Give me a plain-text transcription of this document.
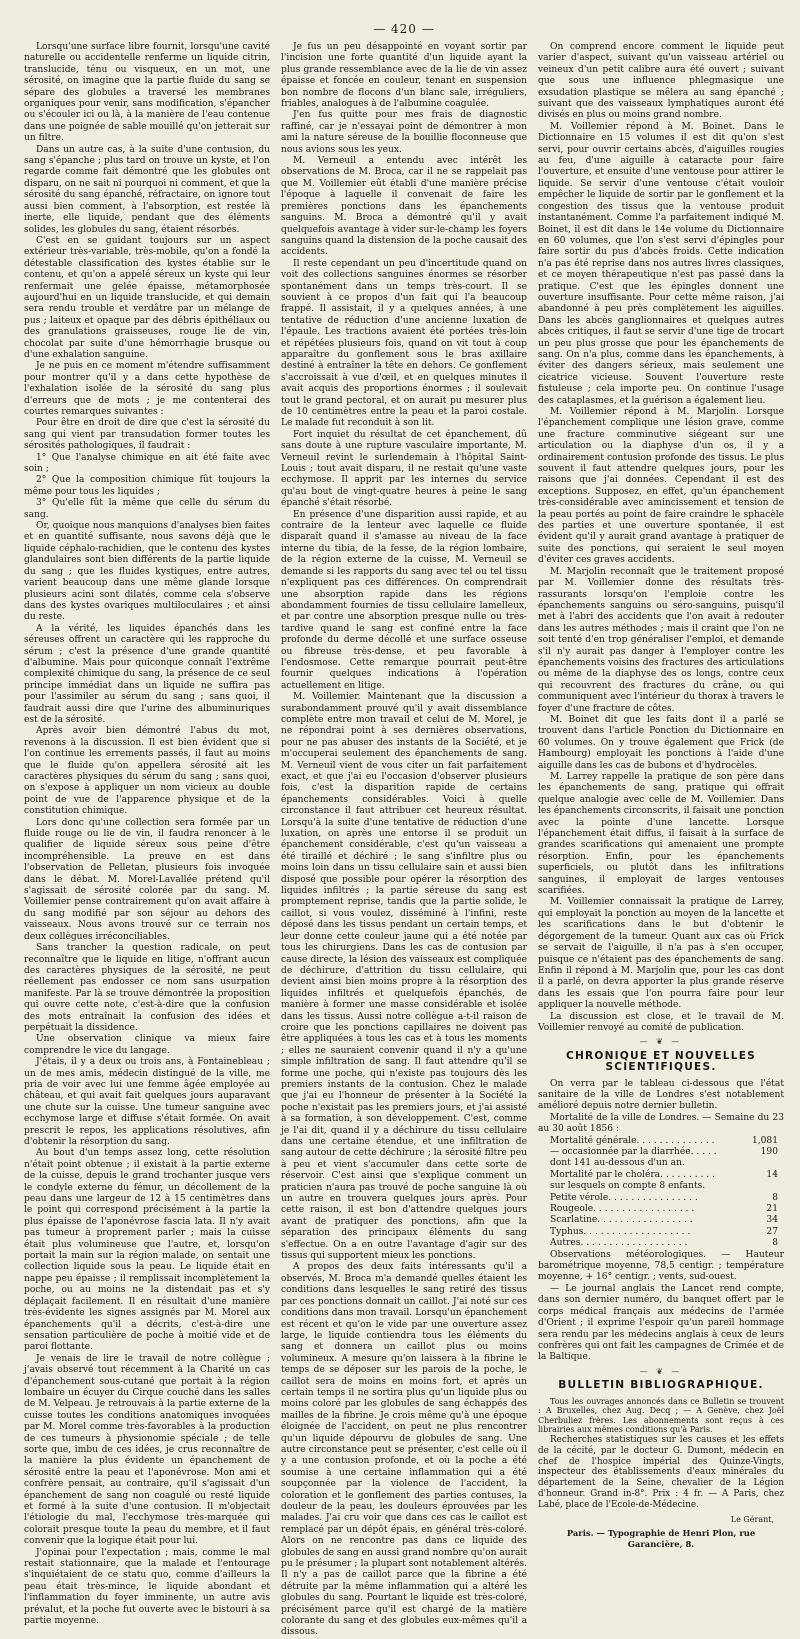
— 420 —

Lorsqu'une surface libre fournit, lorsqu'une cavité naturelle ou accidentelle renferme un liquide citrin, translucide, ténu ou visqueux, en un mot, une sérosité, on imagine que la partie fluide du sang se sépare des globules a traversé les membranes organiques pour venir, sans modification, s'épancher ou s'écouler ici ou là, à la manière de l'eau contenue dans une poignée de sable mouillé qu'on jetterait sur un filtre.

Dans un autre cas, à la suite d'une contusion, du sang s'épanche ; plus tard on trouve un kyste, et l'on regarde comme fait démontré que les globules ont disparu, on ne sait ni pourquoi ni comment, et que la sérosité du sang épanché, réfractaire, on ignore tout aussi bien comment, à l'absorption, est restée là inerte, elle liquide, pendant que des éléments solides, les globules du sang, étaient résorbés.

C'est en se guidant toujours sur un aspect extérieur très-variable, très-mobile, qu'on a fondé la détestable classification des kystes établie sur le contenu, et qu'on a appelé séreux un kyste qui leur renfermait une gelée épaisse, métamorphosée aujourd'hui en un liquide translucide, et qui demain sera rendu trouble et verdâtre par un mélange de pus ; laiteux et opaque par des débris épithéliaux ou des granulations graisseuses, rouge lie de vin, chocolat par suite d'une hémorrhagie brusque ou d'une exhalation sanguine.

Je ne puis en ce moment m'étendre suffisamment pour montrer qu'il y a dans cette hypothèse de l'exhalation isolée de la sérosité du sang plus d'erreurs que de mots ; je me contenterai des courtes remarques suivantes :

Pour être en droit de dire que c'est la sérosité du sang qui vient par transudation former toutes les sérosités pathologiques, il faudrait :

1° Que l'analyse chimique en ait été faite avec soin ;

2° Que la composition chimique fût toujours la même pour tous les liquides ;

3° Qu'elle fût la même que celle du sérum du sang.

Or, quoique nous manquions d'analyses bien faites et en quantité suffisante, nous savons déjà que le liquide céphalo-rachidien, que le contenu des kystes glandulaires sont bien différents de la partie liquide du sang ; que les fluides kystiques, entre autres, varient beaucoup dans une même glande lorsque plusieurs acini sont dilatés, comme cela s'observe dans des kystes ovariques multiloculaires ; et ainsi du reste.

A la vérité, les liquides épanchés dans les séreuses offrent un caractère qui les rapproche du sérum ; c'est la présence d'une grande quantité d'albumine. Mais pour quiconque connaît l'extrême complexité chimique du sang, la présence de ce seul principe immédiat dans un liquide ne suffira pas pour l'assimiler au sérum du sang ; sans quoi, il faudrait aussi dire que l'urine des albuminuriques est de la sérosité.

Après avoir bien démontré l'abus du mot, revenons à la discussion. Il est bien évident que si l'on continue les errements passés, il faut au moins que le fluide qu'on appellera sérosité ait les caractères physiques du sérum du sang ; sans quoi, on s'expose à appliquer un nom vicieux au double point de vue de l'apparence physique et de la constitution chimique.

Lors donc qu'une collection sera formée par un fluide rouge ou lie de vin, il faudra renoncer à le qualifier de liquide séreux sous peine d'être incompréhensible. La preuve en est dans l'observation de Pelletan, plusieurs fois invoquée dans le débat. M. Morel-Lavallée prétend qu'il s'agissait de sérosité colorée par du sang. M. Voillemier pense contrairement qu'on avait affaire à du sang modifié par son séjour au dehors des vaisseaux. Nous avons trouvé sur ce terrain nos deux collègues irréconciliables.

Sans trancher la question radicale, on peut reconnaître que le liquide en litige, n'offrant aucun des caractères physiques de la sérosité, ne peut réellement pas endosser ce nom sans usurpation manifeste. Par là se trouve démontrée la proposition qui ouvre cette note, c'est-à-dire que la confusion des mots entraînait la confusion des idées et perpétuait la dissidence.

Une observation clinique va mieux faire comprendre le vice du langage.

J'étais, il y a deux ou trois ans, à Fontainebleau ; un de mes amis, médecin distingué de la ville, me pria de voir avec lui une femme âgée employée au château, et qui avait fait quelques jours auparavant une chute sur la cuisse. Une tumeur sanguine avec ecchymose large et diffuse s'était formée. On avait prescrit le repos, les applications résolutives, afin d'obtenir la résorption du sang.

Au bout d'un temps assez long, cette résolution n'était point obtenue ; il existait à la partie externe de la cuisse, depuis le grand trochanter jusque vers le condyle externe du fémur, un décollement de la peau dans une largeur de 12 à 15 centimètres dans le point qui correspond précisément à la partie la plus épaisse de l'aponévrose fascia lata. Il n'y avait pas tumeur à proprement parler ; mais la cuisse était plus volumineuse que l'autre, et, lorsqu'on portait la main sur la région malade, on sentait une collection liquide sous la peau. Le liquide était en nappe peu épaisse ; il remplissait incomplètement la poche, ou au moins ne la distendait pas et s'y déplaçait facilement. Il en résultait d'une manière très-évidente les signes assignés par M. Morel aux épanchements qu'il a décrits, c'est-à-dire une sensation particulière de poche à moitié vide et de paroi flottante.

Je venais de lire le travail de notre collègue ; j'avais observé tout récemment à la Charité un cas d'épanchement sous-cutané que portait à la région lombaire un écuyer du Cirque couché dans les salles de M. Velpeau. Je retrouvais à la partie externe de la cuisse toutes les conditions anatomiques invoquées par M. Morel comme très-favorables à la production de ces tumeurs à physionomie spéciale ; de telle sorte que, imbu de ces idées, je crus reconnaître de la manière la plus évidente un épanchement de sérosité entre la peau et l'aponévrose. Mon ami et confrère pensait, au contraire, qu'il s'agissait d'un épanchement de sang non coagulé ou resté liquide et formé à la suite d'une contusion. Il m'objectait l'étiologie du mal, l'ecchymose très-marquée qui colorait presque toute la peau du membre, et il faut convenir que la logique était pour lui.

J'opinai pour l'expectation ; mais, comme le mal restait stationnaire, que la malade et l'entourage s'inquiétaient de ce statu quo, comme d'ailleurs la peau était très-mince, le liquide abondant et l'inflammation du foyer imminente, un autre avis prévalut, et la poche fut ouverte avec le bistouri à sa partie moyenne.

Je fus un peu désappointé en voyant sortir par l'incision une forte quantité d'un liquide ayant la plus grande ressemblance avec de la lie de vin assez épaisse et foncée en couleur, tenant en suspension bon nombre de flocons d'un blanc sale, irréguliers, friables, analogues à de l'albumine coagulée.

J'en fus quitte pour mes frais de diagnostic raffiné, car je n'essayai point de démontrer à mon ami la nature séreuse de la bouillie floconneuse que nous avions sous les yeux.

M. Verneuil a entendu avec intérêt les observations de M. Broca, car il ne se rappelait pas que M. Voillemier eût établi d'une manière précise l'époque à laquelle il convenait de faire les premières ponctions dans les épanchements sanguins. M. Broca a démontré qu'il y avait quelquefois avantage à vider sur-le-champ les foyers sanguins quand la distension de la poche causait des accidents.

Il reste cependant un peu d'incertitude quand on voit des collections sanguines énormes se résorber spontanément dans un temps très-court. Il se souvient à ce propos d'un fait qui l'a beaucoup frappé. Il assistait, il y a quelques années, à une tentative de réduction d'une ancienne luxation de l'épaule. Les tractions avaient été portées très-loin et répétées plusieurs fois, quand on vit tout à coup apparaître du gonflement sous le bras axillaire destiné à entraîner la tête en dehors. Ce gonflement s'accroissait à vue d'œil, et en quelques minutes il avait acquis des proportions énormes ; il soulevait tout le grand pectoral, et on aurait pu mesurer plus de 10 centimètres entre la peau et la paroi costale. Le malade fut reconduit à son lit.

Fort inquiet du résultat de cet épanchement, dû sans doute à une rupture vasculaire importante, M. Verneuil revint le surlendemain à l'hôpital Saint-Louis ; tout avait disparu, il ne restait qu'une vaste ecchymose. Il apprit par les internes du service qu'au bout de vingt-quatre heures à peine le sang épanché s'était résorbé.

En présence d'une disparition aussi rapide, et au contraire de la lenteur avec laquelle ce fluide disparaît quand il s'amasse au niveau de la face interne du tibia, de la fesse, de la région lombaire, de la région externe de la cuisse, M. Verneuil se demande si les rapports du sang avec tel ou tel tissu n'expliquent pas ces différences. On comprendrait une absorption rapide dans les régions abondamment fournies de tissu cellulaire lamelleux, et par contre une absorption presque nulle ou très-tardive quand le sang est confiné entre la face profonde du derme décollé et une surface osseuse ou fibreuse très-dense, et peu favorable à l'endosmose. Cette remarque pourrait peut-être fournir quelques indications à l'opération actuellement en litige.

M. Voillemier. Maintenant que la discussion a surabondamment prouvé qu'il y avait dissemblance complète entre mon travail et celui de M. Morel, je ne répondrai point à ses dernières observations, pour ne pas abuser des instants de la Société, et je m'occuperai seulement des épanchements de sang. M. Verneuil vient de vous citer un fait parfaitement exact, et que j'ai eu l'occasion d'observer plusieurs fois, c'est la disparition rapide de certains épanchements considérables. Voici à quelle circonstance il faut attribuer cet heureux résultat. Lorsqu'à la suite d'une tentative de réduction d'une luxation, on après une entorse il se produit un épanchement considérable, c'est qu'un vaisseau a été tiraillé et déchiré ; le sang s'infiltre plus ou moins loin dans un tissu cellulaire sain et aussi bien disposé que possible pour opérer la résorption des liquides infiltrés ; la partie séreuse du sang est promptement reprise, tandis que la partie solide, le caillot, si vous voulez, disséminé à l'infini, reste déposé dans les tissus pendant un certain temps, et leur donne cette couleur jaune qui a été notée par tous les chirurgiens. Dans les cas de contusion par cause directe, la lésion des vaisseaux est compliquée de déchirure, d'attrition du tissu cellulaire, qui devient ainsi bien moins propre à la résorption des liquides infiltrés et quelquefois épanchés, de manière à former une masse considérable et isolée dans les tissus. Aussi notre collègue a-t-il raison de croire que les ponctions capillaires ne doivent pas être appliquées à tous les cas et à tous les moments ; elles ne sauraient convenir quand il n'y a qu'une simple infiltration de sang. Il faut attendre qu'il se forme une poche, qui n'existe pas toujours dès les premiers instants de la contusion. Chez le malade que j'ai eu l'honneur de présenter à la Société la poche n'existait pas les premiers jours, et j'ai assisté à sa formation, à son développement. C'est, comme je l'ai dit, quand il y a déchirure du tissu cellulaire dans une certaine étendue, et une infiltration de sang autour de cette déchirure ; la sérosité filtre peu à peu et vient s'accumuler dans cette sorte de réservoir. C'est ainsi que s'explique comment un praticien n'aura pas trouvé de poche sanguine là où un autre en trouvera quelques jours après. Pour cette raison, il est bon d'attendre quelques jours avant de pratiquer des ponctions, afin que la séparation des principaux éléments du sang s'effectue. On a en outre l'avantage d'agir sur des tissus qui supportent mieux les ponctions.

A propos des deux faits intéressants qu'il a observés, M. Broca m'a demandé quelles étaient les conditions dans lesquelles le sang retiré des tissus par ces ponctions donnait un caillot. J'ai noté sur ces conditions dans mon travail. Lorsqu'un épanchement est récent et qu'on le vide par une ouverture assez large, le liquide contiendra tous les éléments du sang et donnera un caillot plus ou moins volumineux. A mesure qu'on laissera à la fibrine le temps de se déposer sur les parois de la poche, le caillot sera de moins en moins fort, et après un certain temps il ne sortira plus qu'un liquide plus ou moins coloré par les globules de sang échappés des mailles de la fibrine. Je crois même qu'à une époque éloignée de l'accident, on peut ne plus rencontrer qu'un liquide dépourvu de globules de sang. Une autre circonstance peut se présenter, c'est celle où il y a une contusion profonde, et où la poche a été soumise à une certaine inflammation qui a été soupçonnée par la violence de l'accident, la coloration et le gonflement des parties contuses, la douleur de la peau, les douleurs éprouvées par les malades. J'ai cru voir que dans ces cas le caillot est remplacé par un dépôt épais, en général très-coloré. Alors on ne rencontre pas dans ce liquide des globules de sang en aussi grand nombre qu'on aurait pu le présumer ; la plupart sont notablement altérés. Il n'y a pas de caillot parce que la fibrine a été détruite par la même inflammation qui a altéré les globules du sang. Pourtant le liquide est très-coloré, précisément parce qu'il est chargé de la matière colorante du sang et des globules eux-mêmes qu'il a dissous.

On comprend encore comment le liquide peut varier d'aspect, suivant qu'un vaisseau artériel ou veineux d'un petit calibre aura été ouvert ; suivant que sous une influence phlegmasique une exsudation plastique se mêlera au sang épanché ; suivant que des vaisseaux lymphatiques auront été divisés en plus ou moins grand nombre.

M. Voillemier répond à M. Boinet. Dans le Dictionnaire en 15 volumes il est dit qu'on s'est servi, pour ouvrir certains abcès, d'aiguilles rougies au feu, d'une aiguille à cataracte pour faire l'ouverture, et ensuite d'une ventouse pour attirer le liquide. Se servir d'une ventouse c'était vouloir empêcher le liquide de sortir par le gonflement et la congestion des tissus que la ventouse produit instantanément. Comme l'a parfaitement indiqué M. Boinet, il est dit dans le 14e volume du Dictionnaire en 60 volumes, que l'on s'est servi d'épingles pour faire sortir du pus d'abcès froids. Cette indication n'a pas été reprise dans nos autres livres classiques, et ce moyen thérapeutique n'est pas passé dans la pratique. C'est que les épingles donnent une ouverture insuffisante. Pour cette même raison, j'ai abandonné à peu près complètement les aiguilles. Dans les abcès ganglionnaires et quelques autres abcès critiques, il faut se servir d'une tige de trocart un peu plus grosse que pour les épanchements de sang. On n'a plus, comme dans les épanchements, à éviter des dangers sérieux, mais seulement une cicatrice vicieuse. Souvent l'ouverture reste fistuleuse ; cela importe peu. On continue l'usage des cataplasmes, et la guérison a également lieu.

M. Voillemier répond à M. Marjolin. Lorsque l'épanchement complique une lésion grave, comme une fracture comminutive siégeant sur une articulation ou la diaphyse d'un os, il y a ordinairement contusion profonde des tissus. Le plus souvent il faut attendre quelques jours, pour les raisons que j'ai données. Cependant il est des exceptions. Supposez, en effet, qu'un épanchement très-considérable avec amincissement et tension de la peau portés au point de faire craindre le sphacèle des parties et une ouverture spontanée, il est évident qu'il y aurait grand avantage à pratiquer de suite des ponctions, qui seraient le seul moyen d'éviter ces graves accidents.

M. Marjolin reconnaît que le traitement proposé par M. Voillemier donne des résultats très-rassurants lorsqu'on l'emploie contre les épanchements sanguins ou séro-sanguins, puisqu'il met à l'abri des accidents que l'on avait à redouter dans les autres méthodes ; mais il craint que l'on ne soit tenté d'en trop généraliser l'emploi, et demande s'il n'y aurait pas danger à l'employer contre les épanchements voisins des fractures des articulations ou même de la diaphyse des os longs, contre ceux qui recouvrent des fractures du crâne, ou qui communiquent avec l'intérieur du thorax à travers le foyer d'une fracture de côtes.

M. Boinet dit que les faits dont il a parlé se trouvent dans l'article Ponction du Dictionnaire en 60 volumes. On y trouve également que Frick (de Hambourg) employait les ponctions à l'aide d'une aiguille dans les cas de bubons et d'hydrocèles.

M. Larrey rappelle la pratique de son père dans les épanchements de sang, pratique qui offrait quelque analogie avec celle de M. Voillemier. Dans les épanchements circonscrits, il faisait une ponction avec la pointe d'une lancette. Lorsque l'épanchement était diffus, il faisait à la surface de grandes scarifications qui amenaient une prompte résorption. Enfin, pour les épanchements superficiels, ou plutôt dans les infiltrations sanguines, il employait de larges ventouses scarifiées.

M. Voillemier connaissait la pratique de Larrey, qui employait la ponction au moyen de la lancette et les scarifications dans le but d'obtenir le dégorgement de la tumeur. Quant aux cas où Frick se servait de l'aiguille, il n'a pas à s'en occuper, puisque ce n'étaient pas des épanchements de sang. Enfin il répond à M. Marjolin que, pour les cas dont il a parlé, on devra apporter la plus grande réserve dans les essais que l'on pourra faire pour leur appliquer la nouvelle méthode.

La discussion est close, et le travail de M. Voillemier renvoyé au comité de publication.

— ❦ —
CHRONIQUE ET NOUVELLES SCIENTIFIQUES.

On verra par le tableau ci-dessous que l'état sanitaire de la ville de Londres s'est notablement amélioré depuis notre dernier bulletin.

Mortalité de la ville de Londres. — Semaine du 23 au 30 août 1856 :

Mortalité générale. . . . . . . . . . . . . .	1,081
— occasionnée par la diarrhée. . . . .	190
dont 141 au-dessous d'un an.
Mortalité par le choléra. . . . . . . . . .	14
sur lesquels on compte 8 enfants.
Petite vérole. . . . . . . . . . . . . . . .	8
Rougeole. . . . . . . . . . . . . . . . . .	21
Scarlatine. . . . . . . . . . . . . . . . .	34
Typhus. . . . . . . . . . . . . . . . . . .	27
Autres. . . . . . . . . . . . . . . . . . .	8

Observations météorologiques. — Hauteur barométrique moyenne, 78,5 centigr. ; température moyenne, + 16° centigr. ; vents, sud-ouest.

— Le journal anglais the Lancet rend compte, dans son dernier numéro, du banquet offert par le corps médical français aux médecins de l'armée d'Orient ; il exprime l'espoir qu'un pareil hommage sera rendu par les médecins anglais à ceux de leurs confrères qui ont fait les campagnes de Crimée et de la Baltique.

— ❦ —
BULLETIN BIBLIOGRAPHIQUE.

Tous les ouvrages annoncés dans ce Bulletin se trouvent : A Bruxelles, chez Aug. Decq ; — A Genève, chez Joël Cherbuliez frères. Les abonnements sont reçus à ces librairies aux mêmes conditions qu'à Paris.

Recherches statistiques sur les causes et les effets de la cécité, par le docteur G. Dumont, médecin en chef de l'hospice impérial des Quinze-Vingts, inspecteur des établissements d'eaux minérales du département de la Seine, chevalier de la Légion d'honneur. Grand in-8°. Prix : 4 fr. — A Paris, chez Labé, place de l'Ecole-de-Médecine.

Le Gérant,
Paris. — Typographie de Henri Plon, rue Garancière, 8.
